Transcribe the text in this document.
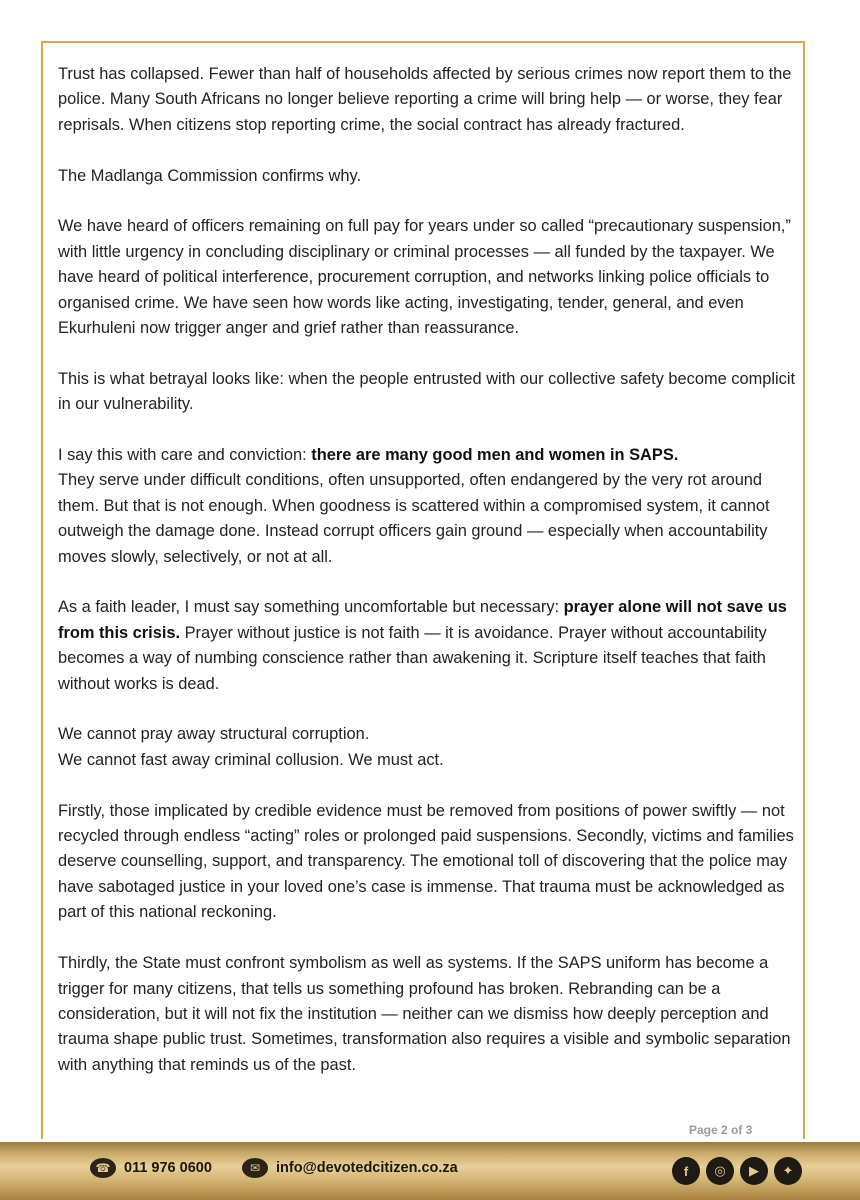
Trust has collapsed. Fewer than half of households affected by serious crimes now report them to the police. Many South Africans no longer believe reporting a crime will bring help — or worse, they fear reprisals. When citizens stop reporting crime, the social contract has already fractured.

The Madlanga Commission confirms why.

We have heard of officers remaining on full pay for years under so called “precautionary suspension,” with little urgency in concluding disciplinary or criminal processes — all funded by the taxpayer. We have heard of political interference, procurement corruption, and networks linking police officials to organised crime. We have seen how words like acting, investigating, tender, general, and even Ekurhuleni now trigger anger and grief rather than reassurance.

This is what betrayal looks like: when the people entrusted with our collective safety become complicit in our vulnerability.

I say this with care and conviction: there are many good men and women in SAPS.
They serve under difficult conditions, often unsupported, often endangered by the very rot around them. But that is not enough. When goodness is scattered within a compromised system, it cannot outweigh the damage done. Instead corrupt officers gain ground — especially when accountability moves slowly, selectively, or not at all.

As a faith leader, I must say something uncomfortable but necessary: prayer alone will not save us from this crisis. Prayer without justice is not faith — it is avoidance. Prayer without accountability becomes a way of numbing conscience rather than awakening it. Scripture itself teaches that faith without works is dead.

We cannot pray away structural corruption.
We cannot fast away criminal collusion. We must act.

Firstly, those implicated by credible evidence must be removed from positions of power swiftly — not recycled through endless “acting” roles or prolonged paid suspensions. Secondly, victims and families deserve counselling, support, and transparency. The emotional toll of discovering that the police may have sabotaged justice in your loved one’s case is immense. That trauma must be acknowledged as part of this national reckoning.

Thirdly, the State must confront symbolism as well as systems. If the SAPS uniform has become a trigger for many citizens, that tells us something profound has broken. Rebranding can be a consideration, but it will not fix the institution — neither can we dismiss how deeply perception and trauma shape public trust. Sometimes, transformation also requires a visible and symbolic separation with anything that reminds us of the past.

Page 2 of 3
☎ 011 976 0600	✉	info@devotedcitizen.co.za	f	◎	▶	✦
